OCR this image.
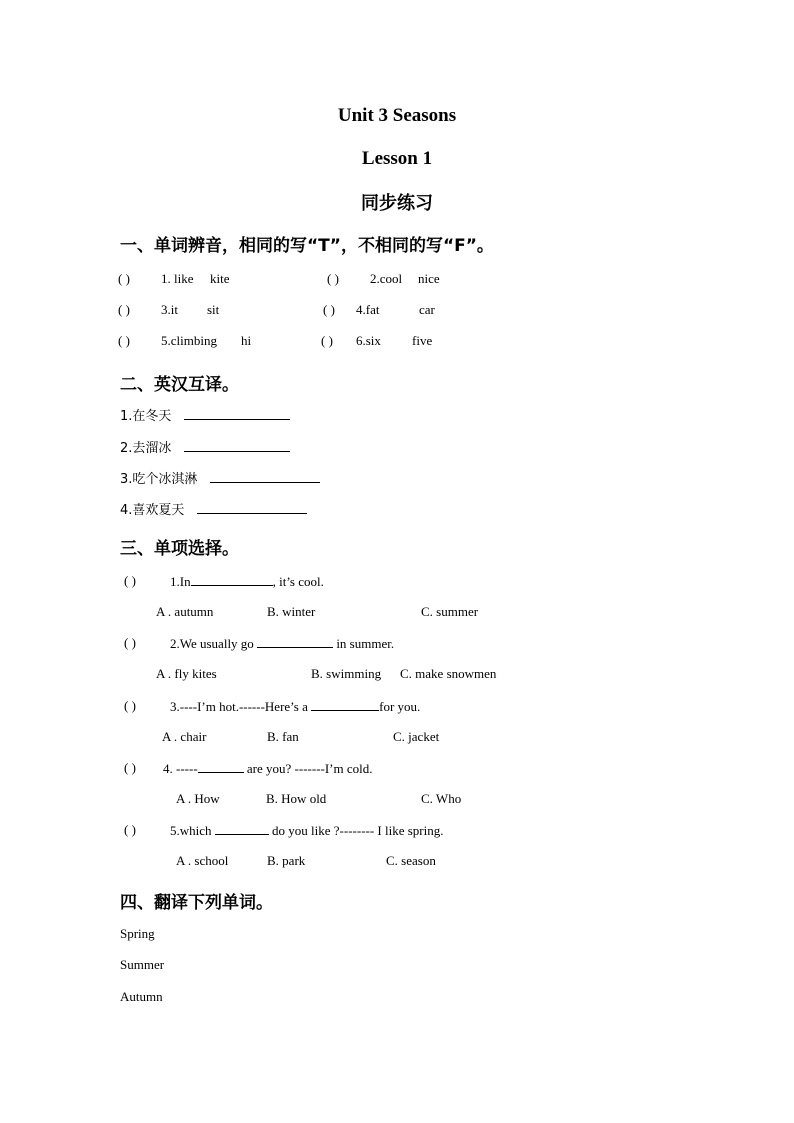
Unit 3 Seasons
Lesson 1
同步练习
一、单词辨音，相同的写“T”，不相同的写“F”。
( ) 1. like kite	( ) 2.cool nice
( ) 3.it sit	( ) 4.fat	car
( ) 5.climbing hi	( ) 6.six five
二、英汉互译。
1.在冬天
2.去溜冰
3.吃个冰淇淋
4.喜欢夏天
三、单项选择。
( )	1.In	, it’s cool.
A . autumn	B. winter	C. summer
( )	2.We usually go	in summer.
A . fly kites	B. swimming C. make snowmen
( )	3.----I’m hot.------Here’s a	for you.
A . chair	B. fan	C. jacket
( ) 4. -----	are you? -------I’m cold.
A . How	B. How old	C. Who
( )	5.which	do you like ?-------- I like spring.
A . school	B. park	C. season
四、翻译下列单词。
Spring
Summer
Autumn
